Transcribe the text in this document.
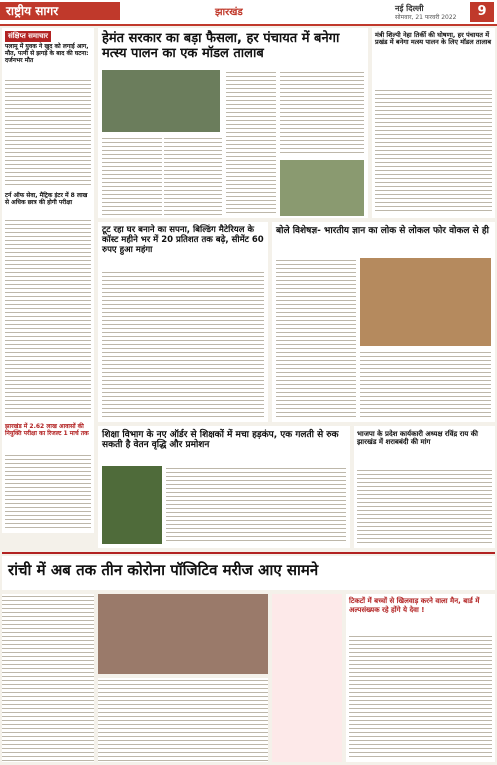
राष्ट्रीय सागर	झारखंड	नई दिल्ली
सोमवार, 21 फरवरी 2022	9
संक्षिप्त समाचार
पलामू में युवक ने खुद को लगाई आग, मौत, पत्नी से झगड़े के बाद की घटना: दर्जनभर मौत
टर्न ऑफ सेवा, मैट्रिक इंटर में 8 लाख से अधिक छात्र की होगी परीक्षा
झारखंड में 2.62 लाख आवासों की नियुक्ति परीक्षा का रिजल्ट 1 मार्च तक
हेमंत सरकार का बड़ा फैसला, हर पंचायत में बनेगा मत्स्य पालन का एक मॉडल तालाब
मंत्री शिल्पी नेहा तिर्की की घोषणा, हर पंचायत में प्रखंड में बनेगा मत्स्य पालन के लिए मॉडल तालाब
टूट रहा घर बनाने का सपना, बिल्डिंग मैटेरियल के कॉस्ट महीने भर में 20 प्रतिशत तक बढ़े, सीमेंट 60 रुपए हुआ महंगा
बोले विशेषज्ञ- भारतीय ज्ञान का लोक से लोकल फोर वोकल से ही
शिक्षा विभाग के नए ऑर्डर से शिक्षकों में मचा हड़कंप, एक गलती से रुक सकती है वेतन वृद्धि और प्रमोशन
भाजपा के प्रदेश कार्यकारी अध्यक्ष रविंद्र राय की झारखंड में शराबबंदी की मांग
रांची में अब तक तीन कोरोना पॉजिटिव मरीज आए सामने
टिकटों में बच्चों से खिलवाड़ करने वाला मैन, बार्ड में अल्पसंख्यक रहे होंगे ये देवा !
